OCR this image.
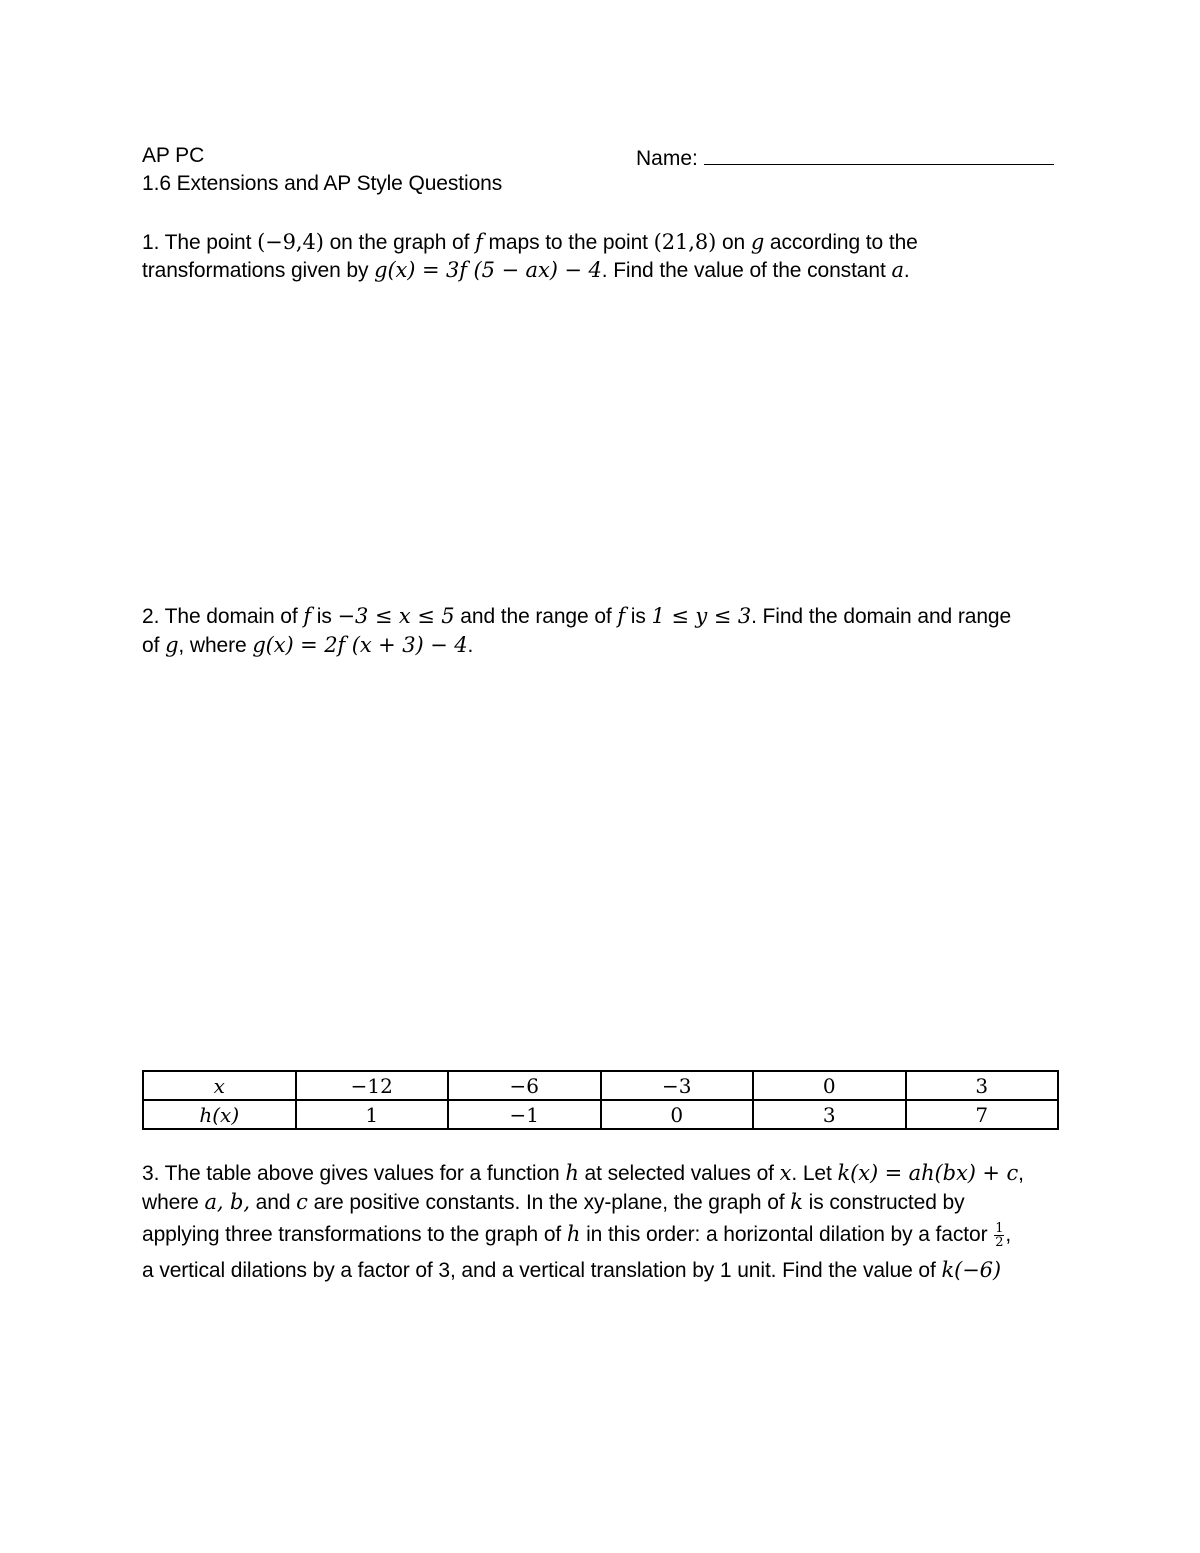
AP PC	Name:
1.6 Extensions and AP Style Questions
1. The point (−9,4) on the graph of f maps to the point (21,8) on g according to the
transformations given by g(x) = 3f (5 − ax) − 4. Find the value of the constant a.
2. The domain of f is −3 ≤ x ≤ 5 and the range of f is 1 ≤ y ≤ 3. Find the domain and range
of g, where g(x) = 2f (x + 3) − 4.
x	−12	−6	−3	0	3
h(x)	1	−1	0	3	7
3. The table above gives values for a function h at selected values of x. Let k(x) = ah(bx) + c,
where a, b, and c are positive constants. In the xy-plane, the graph of k is constructed by
applying three transformations to the graph of h in this order: a horizontal dilation by a factor $\frac{1}{2}$ ,
a vertical dilations by a factor of 3, and a vertical translation by 1 unit. Find the value of k(−6)
